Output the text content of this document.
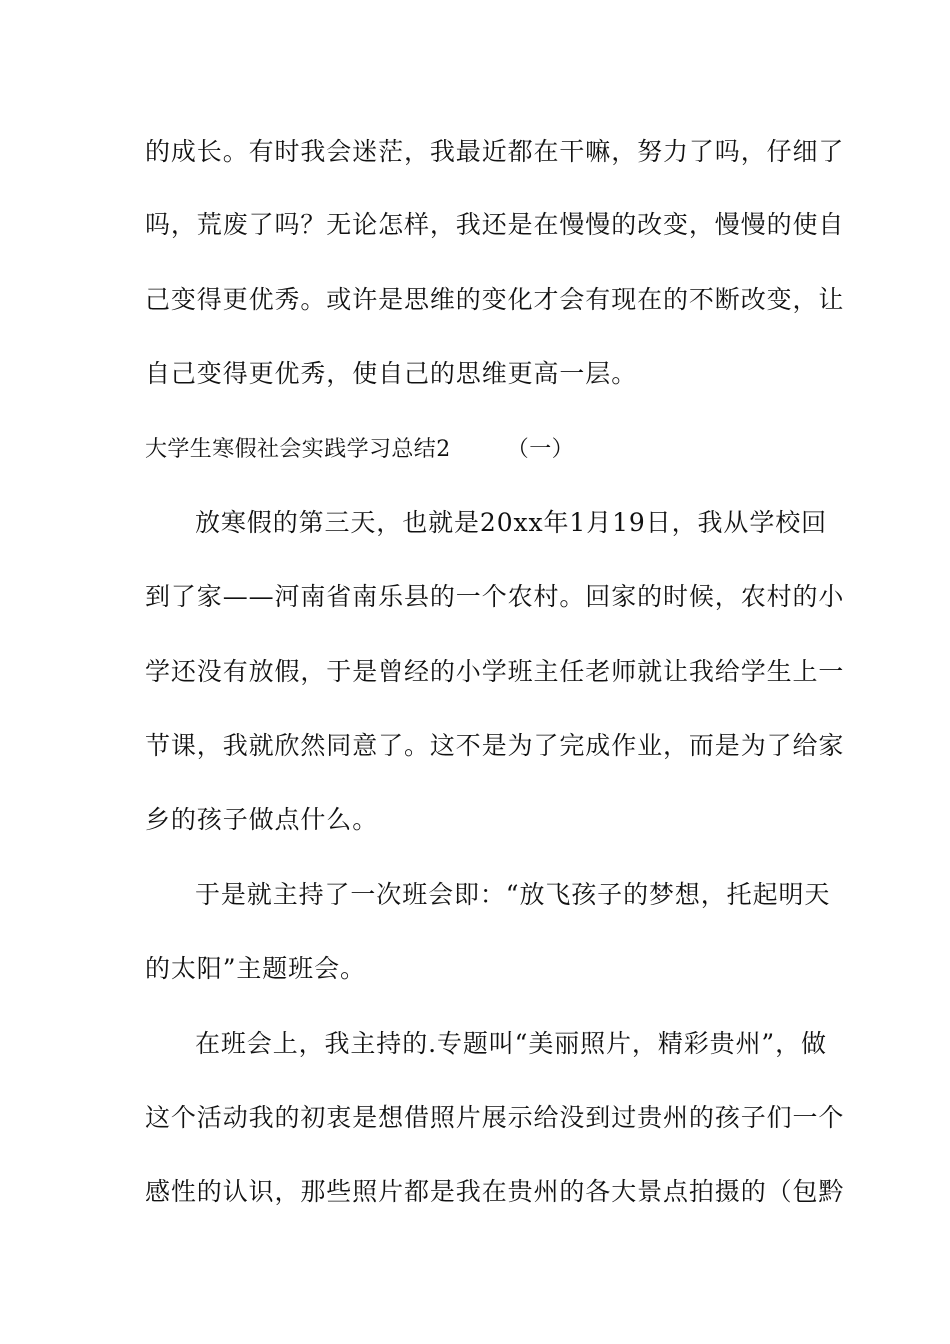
的成长。有时我会迷茫，我最近都在干嘛，努力了吗，仔细了
吗，荒废了吗？无论怎样，我还是在慢慢的改变，慢慢的使自
己变得更优秀。或许是思维的变化才会有现在的不断改变，让
自己变得更优秀，使自己的思维更高一层。
大学生寒假社会实践学习总结2　　　（一）
放寒假的第三天，也就是20xx年1月19日，我从学校回
到了家——河南省南乐县的一个农村。回家的时候，农村的小
学还没有放假，于是曾经的小学班主任老师就让我给学生上一
节课，我就欣然同意了。这不是为了完成作业，而是为了给家
乡的孩子做点什么。
于是就主持了一次班会即：“放飞孩子的梦想，托起明天
的太阳”主题班会。
在班会上，我主持的.专题叫“美丽照片，精彩贵州”，做
这个活动我的初衷是想借照片展示给没到过贵州的孩子们一个
感性的认识，那些照片都是我在贵州的各大景点拍摄的（包黔
